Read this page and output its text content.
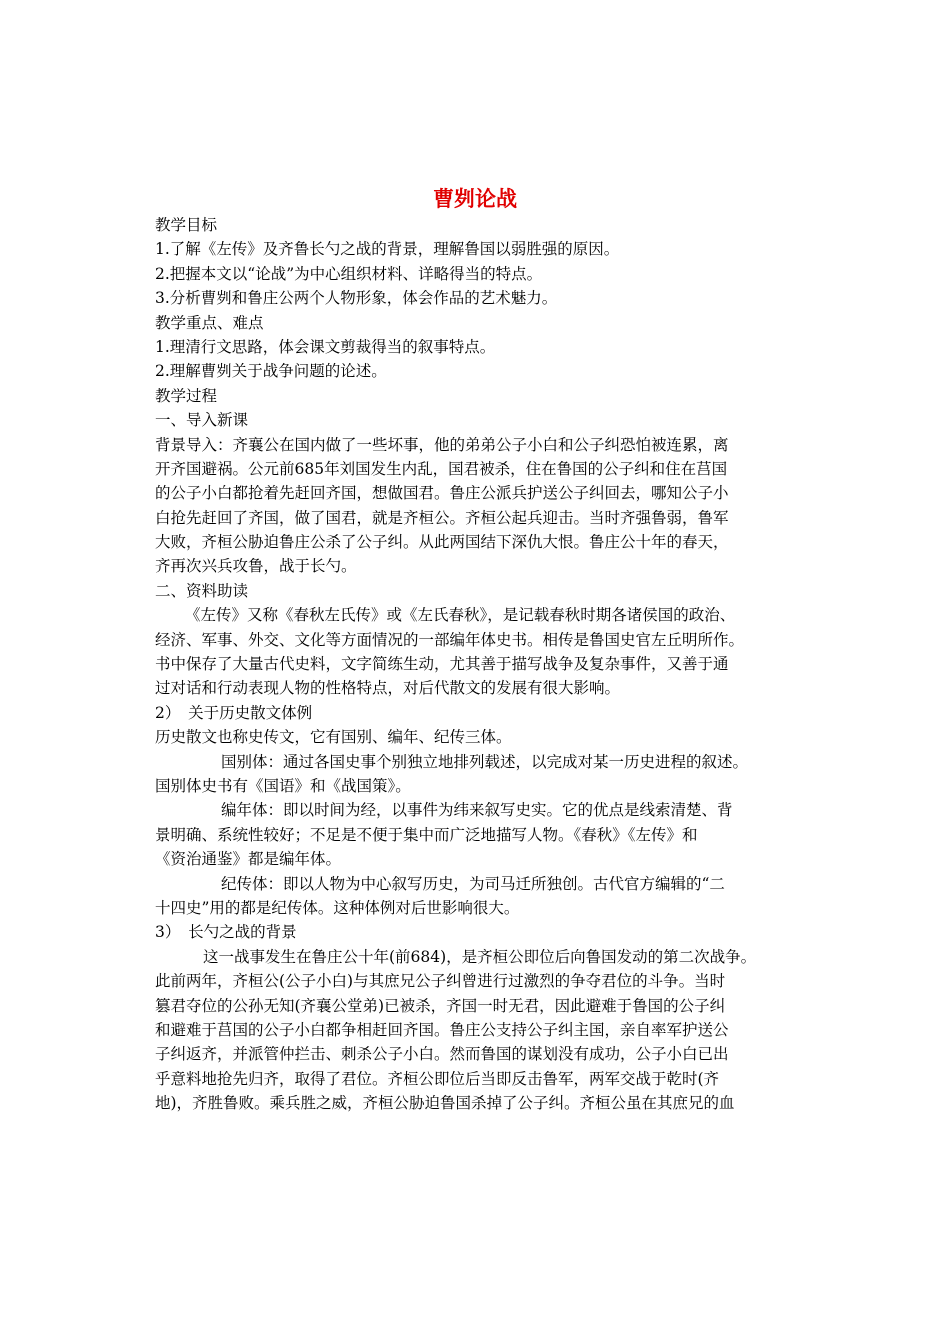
曹刿论战
教学目标
1.了解《左传》及齐鲁长勺之战的背景，理解鲁国以弱胜强的原因。
2.把握本文以“论战”为中心组织材料、详略得当的特点。
3.分析曹刿和鲁庄公两个人物形象，体会作品的艺术魅力。
教学重点、难点
1.理清行文思路，体会课文剪裁得当的叙事特点。
2.理解曹刿关于战争问题的论述。
教学过程
一、导入新课
背景导入：齐襄公在国内做了一些坏事，他的弟弟公子小白和公子纠恐怕被连累，离
开齐国避祸。公元前685年刘国发生内乱，国君被杀，住在鲁国的公子纠和住在莒国
的公子小白都抢着先赶回齐国，想做国君。鲁庄公派兵护送公子纠回去，哪知公子小
白抢先赶回了齐国，做了国君，就是齐桓公。齐桓公起兵迎击。当时齐强鲁弱，鲁军
大败，齐桓公胁迫鲁庄公杀了公子纠。从此两国结下深仇大恨。鲁庄公十年的春天，
齐再次兴兵攻鲁，战于长勺。
二、资料助读
《左传》又称《春秋左氏传》或《左氏春秋》，是记载春秋时期各诸侯国的政治、
经济、军事、外交、文化等方面情况的一部编年体史书。相传是鲁国史官左丘明所作。
书中保存了大量古代史料，文字简练生动，尤其善于描写战争及复杂事件，又善于通
过对话和行动表现人物的性格特点，对后代散文的发展有很大影响。
2）　关于历史散文体例
历史散文也称史传文，它有国别、编年、纪传三体。
国别体：通过各国史事个别独立地排列载述，以完成对某一历史进程的叙述。
国别体史书有《国语》和《战国策》。
编年体：即以时间为经，以事件为纬来叙写史实。它的优点是线索清楚、背
景明确、系统性较好；不足是不便于集中而广泛地描写人物。《春秋》《左传》和
《资治通鉴》都是编年体。
纪传体：即以人物为中心叙写历史，为司马迁所独创。古代官方编辑的“二
十四史”用的都是纪传体。这种体例对后世影响很大。
3）　长勺之战的背景
这一战事发生在鲁庄公十年(前684)，是齐桓公即位后向鲁国发动的第二次战争。
此前两年，齐桓公(公子小白)与其庶兄公子纠曾进行过激烈的争夺君位的斗争。当时
篡君夺位的公孙无知(齐襄公堂弟)已被杀，齐国一时无君，因此避难于鲁国的公子纠
和避难于莒国的公子小白都争相赶回齐国。鲁庄公支持公子纠主国，亲自率军护送公
子纠返齐，并派管仲拦击、刺杀公子小白。然而鲁国的谋划没有成功，公子小白已出
乎意料地抢先归齐，取得了君位。齐桓公即位后当即反击鲁军，两军交战于乾时(齐
地)，齐胜鲁败。乘兵胜之威，齐桓公胁迫鲁国杀掉了公子纠。齐桓公虽在其庶兄的血
